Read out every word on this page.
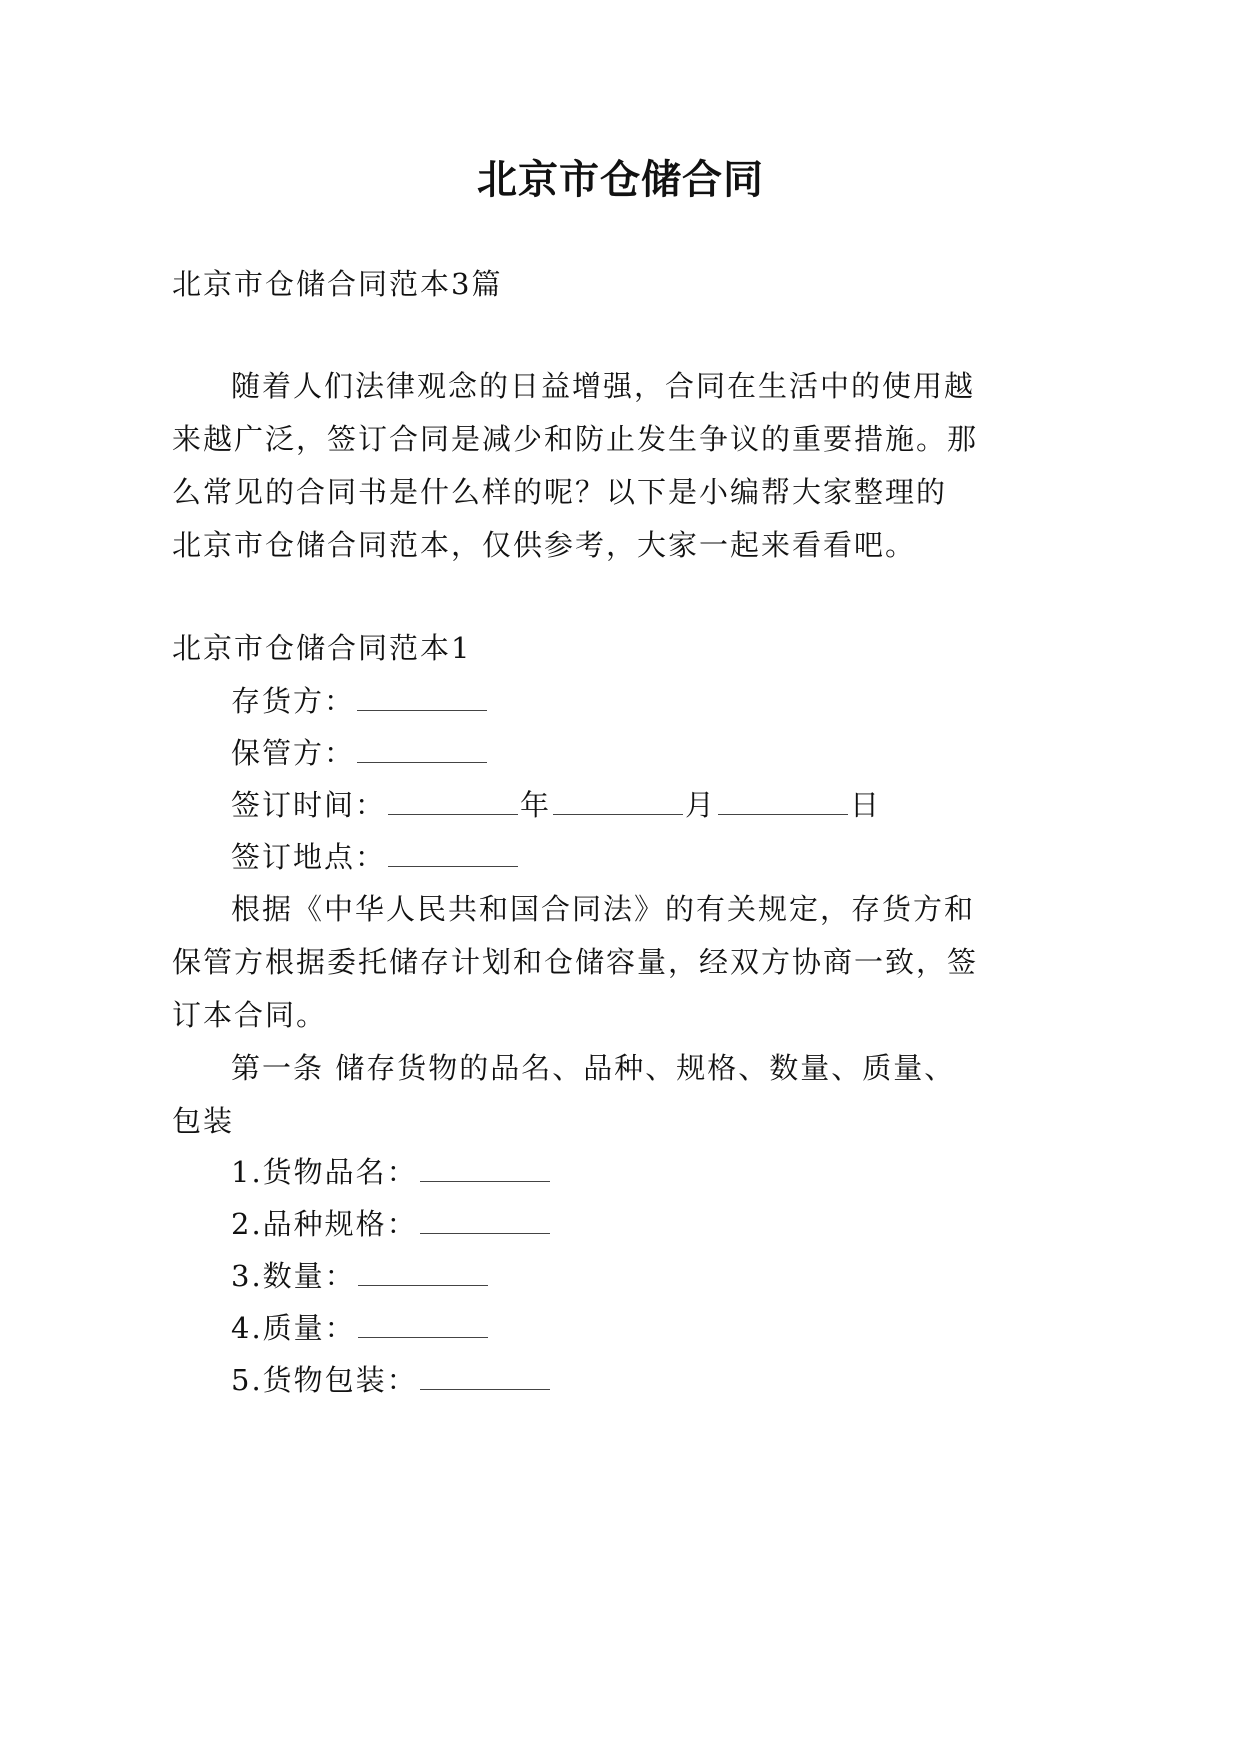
北京市仓储合同
北京市仓储合同范本3篇
随着人们法律观念的日益增强，合同在生活中的使用越
来越广泛，签订合同是减少和防止发生争议的重要措施。那
么常见的合同书是什么样的呢？以下是小编帮大家整理的
北京市仓储合同范本，仅供参考，大家一起来看看吧。
北京市仓储合同范本1
存货方：
保管方：
签订时间：	年	月	日
签订地点：
根据《中华人民共和国合同法》的有关规定，存货方和
保管方根据委托储存计划和仓储容量，经双方协商一致，签
订本合同。
第一条 储存货物的品名、品种、规格、数量、质量、
包装
1.货物品名：
2.品种规格：
3.数量：
4.质量：
5.货物包装：
